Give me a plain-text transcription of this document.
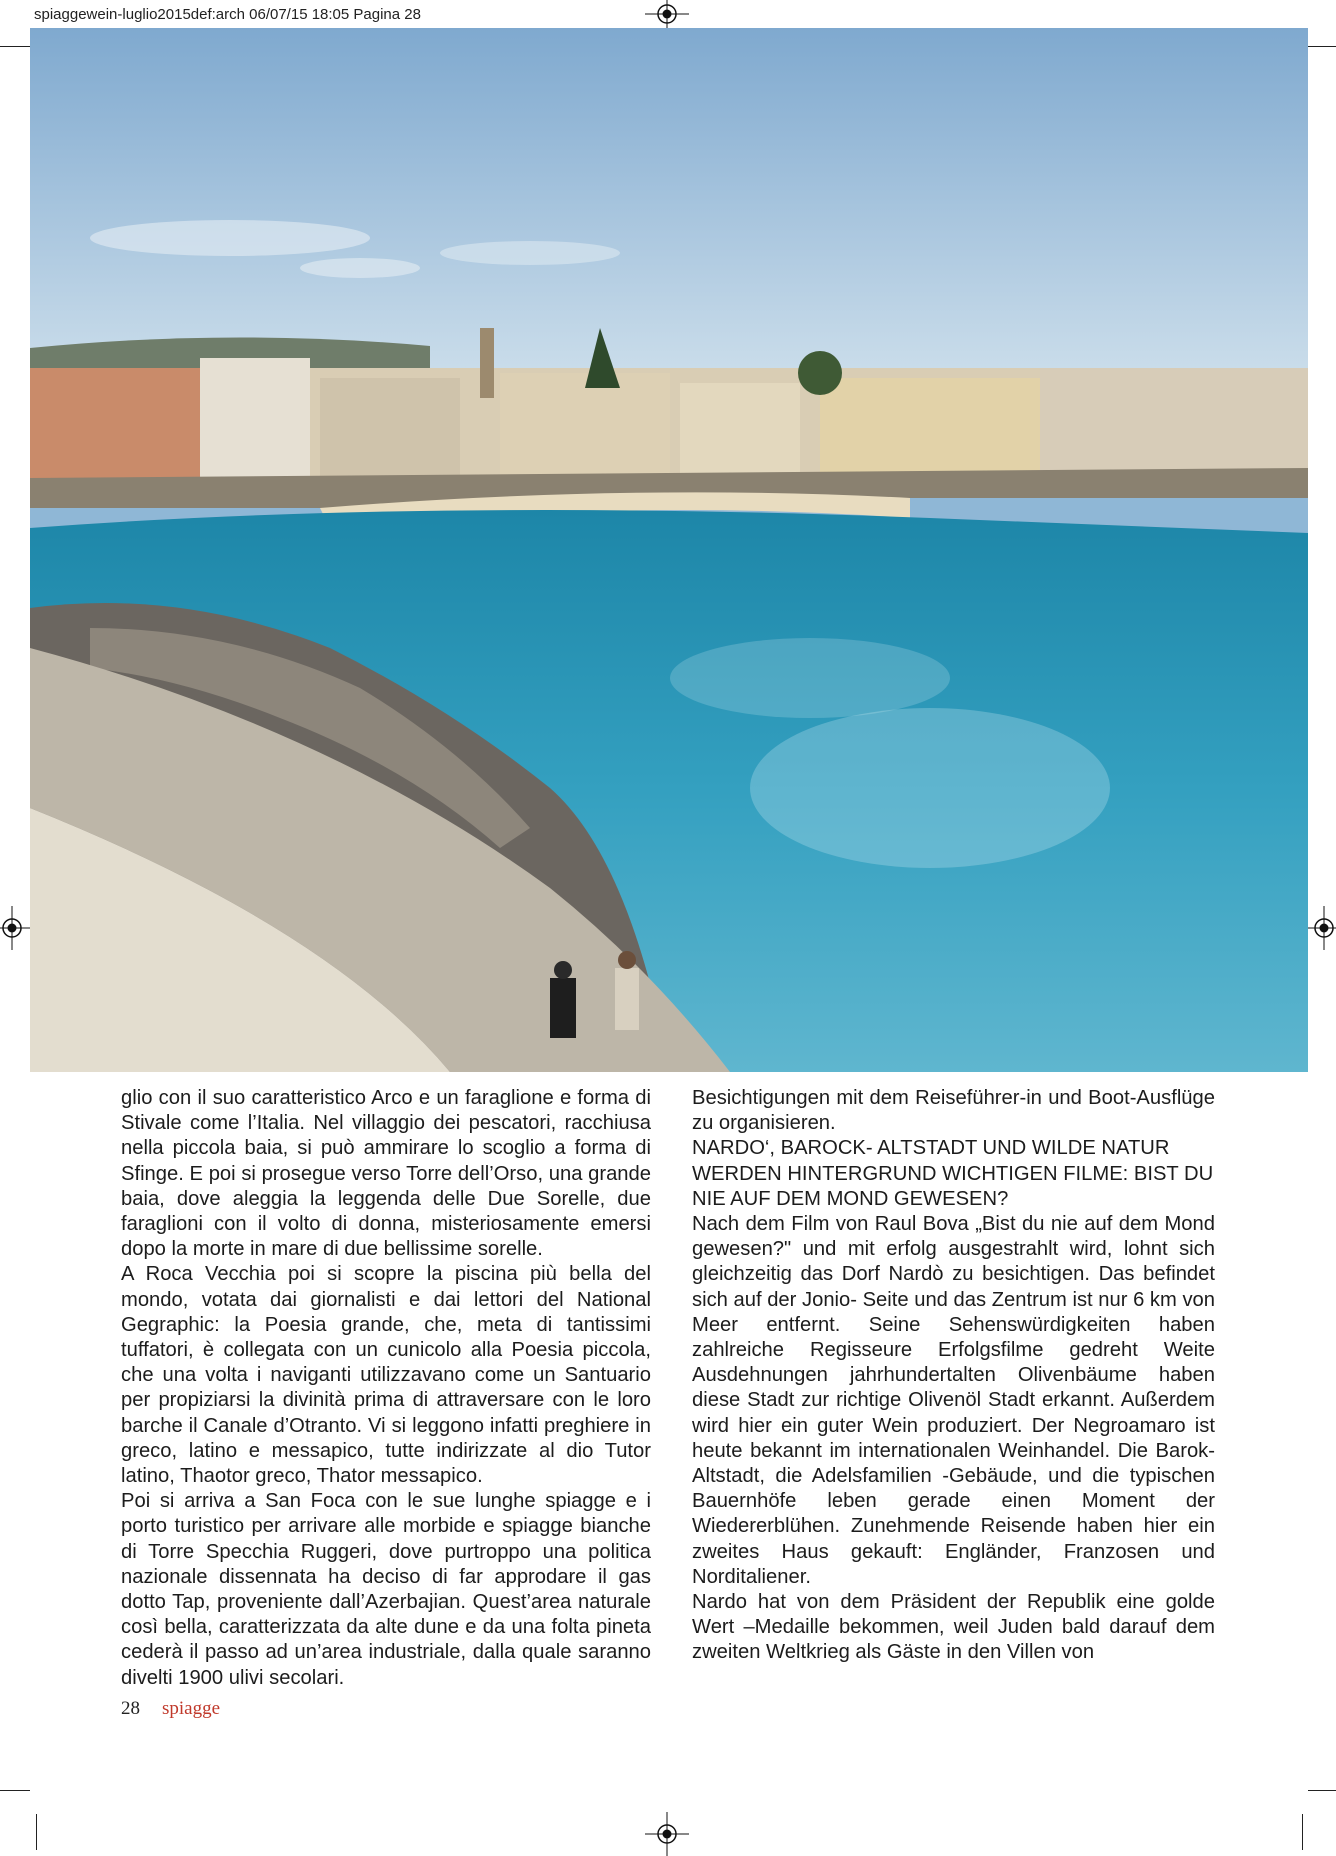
spiaggewein-luglio2015def:arch 06/07/15 18:05 Pagina 28

glio con il suo caratteristico Arco e un faraglione e forma di Stivale come l’Italia. Nel villaggio dei pescatori, racchiusa nella piccola baia, si può ammirare lo scoglio a forma di Sfinge. E poi si prosegue verso Torre dell’Orso, una grande baia, dove aleggia la leggenda delle Due Sorelle, due faraglioni con il volto di donna, misteriosamente emersi dopo la morte in mare di due bellissime sorelle.

A Roca Vecchia poi si scopre la piscina più bella del mondo, votata dai giornalisti e dai lettori del National Gegraphic: la Poesia grande, che, meta di tantissimi tuffatori, è collegata con un cunicolo alla Poesia piccola, che una volta i naviganti utilizzavano come un Santuario per propiziarsi la divinità prima di attraversare con le loro barche il Canale d’Otranto. Vi si leggono infatti preghiere in greco, latino e messapico, tutte indirizzate al dio Tutor latino, Thaotor greco, Thator messapico.

Poi si arriva a San Foca con le sue lunghe spiagge e i porto turistico per arrivare alle morbide e spiagge bianche di Torre Specchia Ruggeri, dove purtroppo una politica nazionale dissennata ha deciso di far approdare il gas dotto Tap, proveniente dall’Azerbajian. Quest’area naturale così bella, caratterizzata da alte dune e da una folta pineta cederà il passo ad un’area industriale, dalla quale saranno divelti 1900 ulivi secolari.

Besichtigungen mit dem Reiseführer-in und Boot-Ausflüge zu organisieren.

NARDO‘, BAROCK- ALTSTADT UND WILDE NATUR WERDEN HINTERGRUND WICHTIGEN FILME: BIST DU NIE AUF DEM MOND GEWESEN?

Nach dem Film von Raul Bova „Bist du nie auf dem Mond gewesen?" und mit erfolg ausgestrahlt wird, lohnt sich gleichzeitig das Dorf Nardò zu besichtigen. Das befindet sich auf der Jonio- Seite und das Zentrum ist nur 6 km von Meer entfernt. Seine Sehenswürdigkeiten haben zahlreiche Regisseure Erfolgsfilme gedreht Weite Ausdehnungen jahrhundertalten Olivenbäume haben diese Stadt zur richtige Olivenöl Stadt erkannt. Außerdem wird hier ein guter Wein produziert. Der Negroamaro ist heute bekannt im internationalen Weinhandel. Die Barok-Altstadt, die Adelsfamilien -Gebäude, und die typischen Bauernhöfe leben gerade einen Moment der Wiedererblühen. Zunehmende Reisende haben hier ein zweites Haus gekauft: Engländer, Franzosen und Norditaliener.

Nardo hat von dem Präsident der Republik eine golde Wert –Medaille bekommen, weil Juden bald darauf dem zweiten Weltkrieg als Gäste in den Villen von

28 spiagge
